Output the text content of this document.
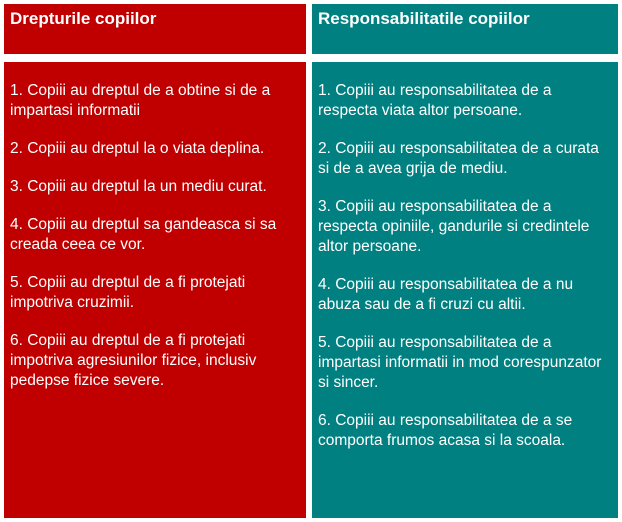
Drepturile copiilor
1. Copiii au dreptul de a obtine si de a impartasi informatii
2. Copiii au dreptul la o viata deplina.
3. Copiii au dreptul la un mediu curat.
4. Copiii au dreptul sa gandeasca si sa creada ceea ce vor.
5. Copiii au dreptul de a fi protejati impotriva cruzimii.
6. Copiii au dreptul de a fi protejati impotriva agresiunilor fizice, inclusiv pedepse fizice severe.
Responsabilitatile copiilor
1. Copiii au responsabilitatea de a respecta viata altor persoane.
2. Copiii au responsabilitatea de a curata si de a avea grija de mediu.
3. Copiii au responsabilitatea de a respecta opiniile, gandurile si credintele altor persoane.
4. Copiii au responsabilitatea de a nu abuza sau de a fi cruzi cu altii.
5. Copiii au responsabilitatea de a impartasi informatii in mod corespunzator si sincer.
6. Copiii au responsabilitatea de a se comporta frumos acasa si la scoala.
